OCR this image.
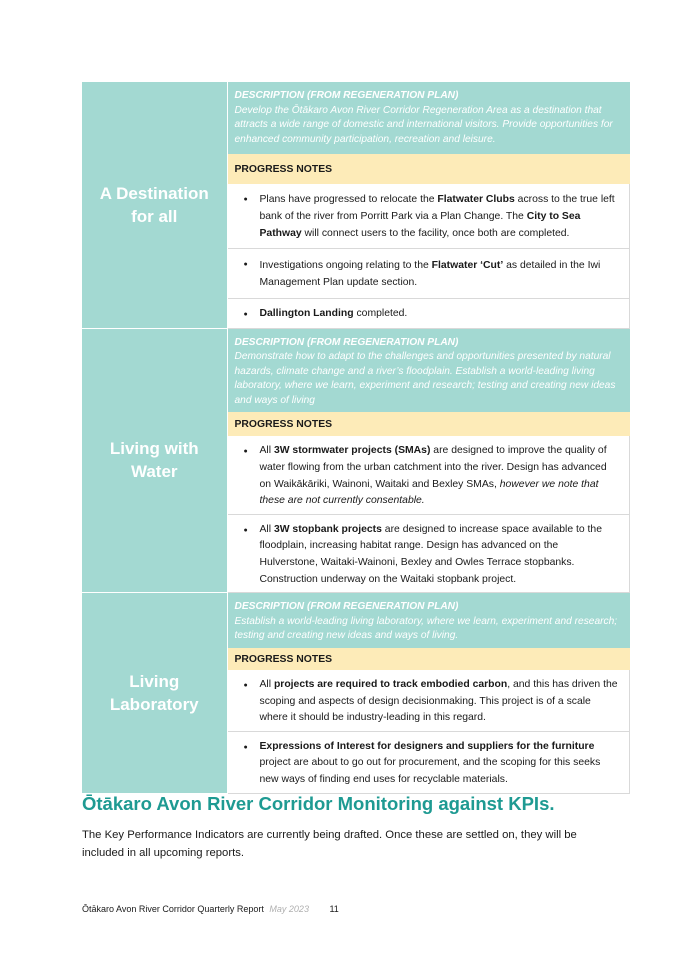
A Destination for all	DESCRIPTION (FROM REGENERATION PLAN)
Develop the Ōtākaro Avon River Corridor Regeneration Area as a destination that attracts a wide range of domestic and international visitors. Provide opportunities for enhanced community participation, recreation and leisure.
	PROGRESS NOTES

	● Plans have progressed to relocate the Flatwater Clubs across to the true left bank of the river from Porritt Park via a Plan Change. The City to Sea Pathway will connect users to the facility, once both are completed.

	● Investigations ongoing relating to the Flatwater ‘Cut’ as detailed in the Iwi Management Plan update section.

	● Dallington Landing completed.
Living with Water	DESCRIPTION (FROM REGENERATION PLAN)
Demonstrate how to adapt to the challenges and opportunities presented by natural hazards, climate change and a river’s floodplain. Establish a world-leading living laboratory, where we learn, experiment and research; testing and creating new ideas and ways of living
	PROGRESS NOTES

	● All 3W stormwater projects (SMAs) are designed to improve the quality of water flowing from the urban catchment into the river. Design has advanced on Waikākāriki, Wainoni, Waitaki and Bexley SMAs, however we note that these are not currently consentable.

	● All 3W stopbank projects are designed to increase space available to the floodplain, increasing habitat range. Design has advanced on the Hulverstone, Waitaki-Wainoni, Bexley and Owles Terrace stopbanks. Construction underway on the Waitaki stopbank project.
Living Laboratory	DESCRIPTION (FROM REGENERATION PLAN)
Establish a world-leading living laboratory, where we learn, experiment and research; testing and creating new ideas and ways of living.
	PROGRESS NOTES

	● All projects are required to track embodied carbon, and this has driven the scoping and aspects of design decisionmaking. This project is of a scale where it should be industry-leading in this regard.

	● Expressions of Interest for designers and suppliers for the furniture project are about to go out for procurement, and the scoping for this seeks new ways of finding end uses for recyclable materials.
Ōtākaro Avon River Corridor Monitoring against KPIs.
The Key Performance Indicators are currently being drafted. Once these are settled on, they will be included in all upcoming reports.
Ōtākaro Avon River Corridor Quarterly Report May 2023 11
